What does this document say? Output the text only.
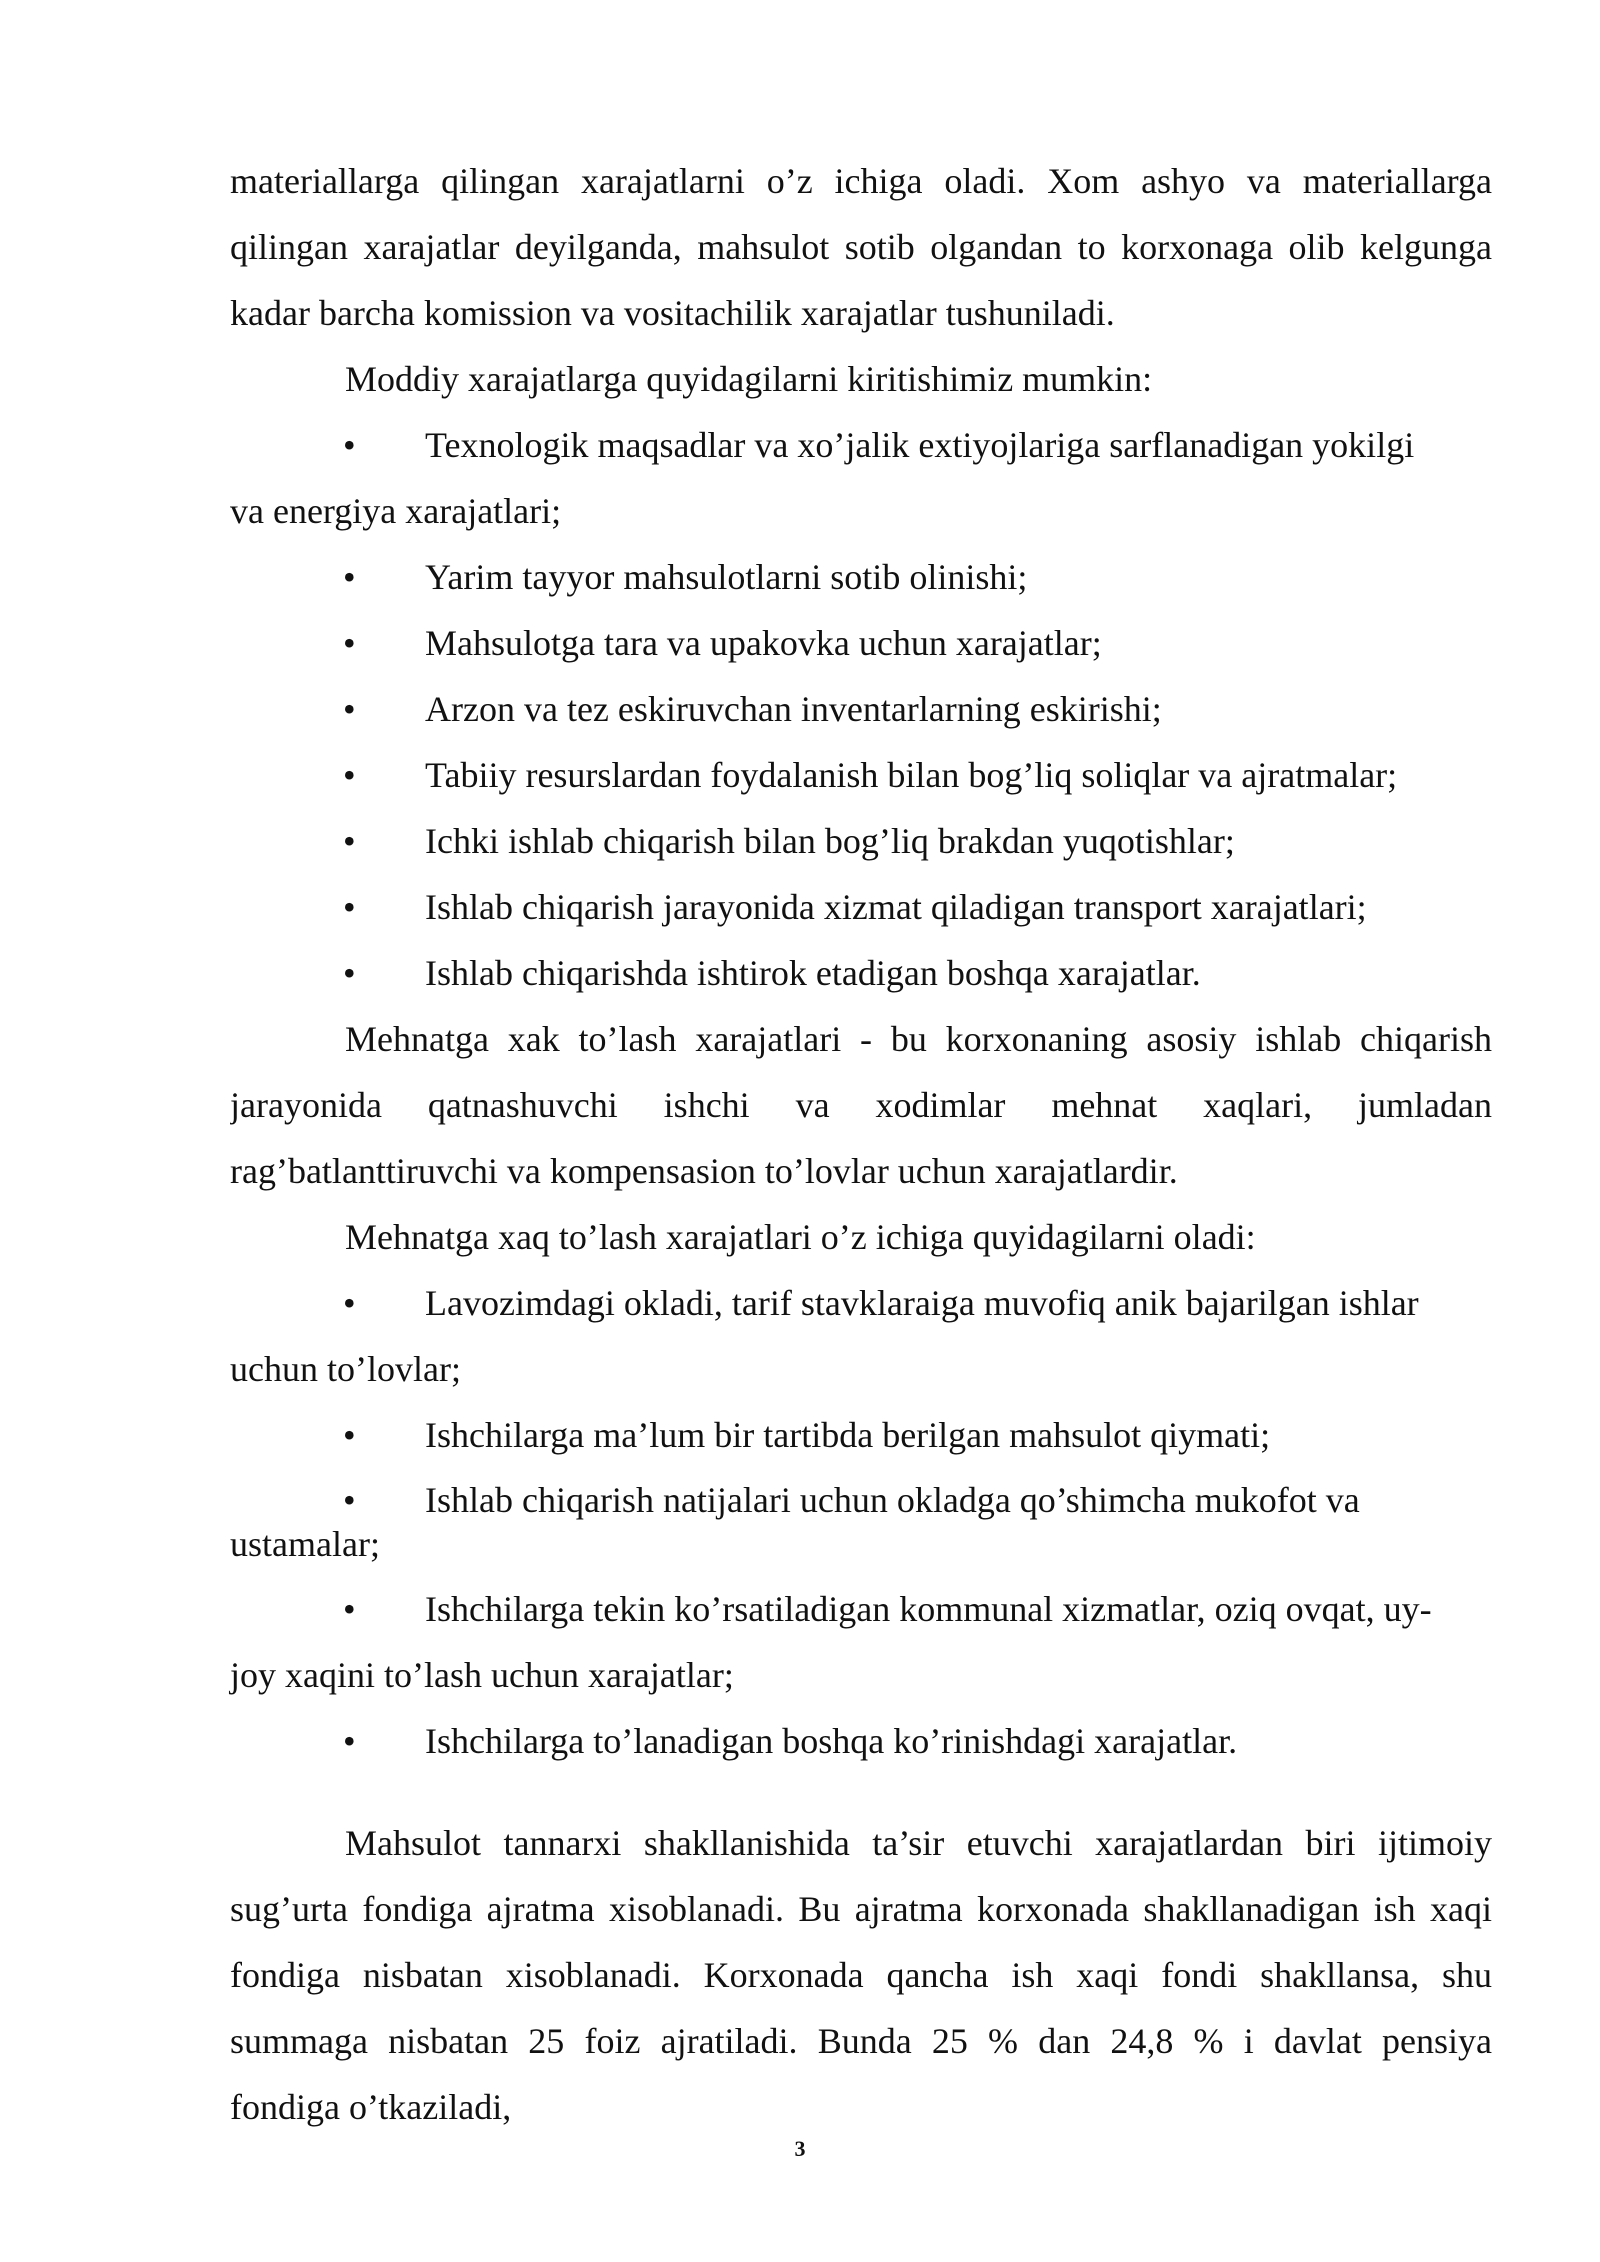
materiallarga qilingan xarajatlarni o’z ichiga oladi. Xom ashyo va materiallarga
qilingan xarajatlar deyilganda, mahsulot sotib olgandan to korxonaga olib kelgunga
kadar barcha komission va vositachilik xarajatlar tushuniladi.
Moddiy xarajatlarga quyidagilarni kiritishimiz mumkin:
• Texnologik maqsadlar va xo’jalik extiyojlariga sarflanadigan yokilgi
va energiya xarajatlari;
• Yarim tayyor mahsulotlarni sotib olinishi;
• Mahsulotga tara va upakovka uchun xarajatlar;
• Arzon va tez eskiruvchan inventarlarning eskirishi;
• Tabiiy resurslardan foydalanish bilan bog’liq soliqlar va ajratmalar;
• Ichki ishlab chiqarish bilan bog’liq brakdan yuqotishlar;
• Ishlab chiqarish jarayonida xizmat qiladigan transport xarajatlari;
• Ishlab chiqarishda ishtirok etadigan boshqa xarajatlar.
Mehnatga xak to’lash xarajatlari - bu korxonaning asosiy ishlab chiqarish
jarayonida qatnashuvchi ishchi va xodimlar mehnat xaqlari, jumladan
rag’batlanttiruvchi va kompensasion to’lovlar uchun xarajatlardir.
Mehnatga xaq to’lash xarajatlari o’z ichiga quyidagilarni oladi:
• Lavozimdagi okladi, tarif stavklaraiga muvofiq anik bajarilgan ishlar
uchun to’lovlar;
• Ishchilarga ma’lum bir tartibda berilgan mahsulot qiymati;
• Ishlab chiqarish natijalari uchun okladga qo’shimcha mukofot va
ustamalar;
• Ishchilarga tekin ko’rsatiladigan kommunal xizmatlar, oziq ovqat, uy-
joy xaqini to’lash uchun xarajatlar;
• Ishchilarga to’lanadigan boshqa ko’rinishdagi xarajatlar.
Mahsulot tannarxi shakllanishida ta’sir etuvchi xarajatlardan biri ijtimoiy
sug’urta fondiga ajratma xisoblanadi. Bu ajratma korxonada shakllanadigan ish xaqi
fondiga nisbatan xisoblanadi. Korxonada qancha ish xaqi fondi shakllansa, shu
summaga nisbatan 25 foiz ajratiladi. Bunda 25 % dan 24,8 % i davlat pensiya
fondiga o’tkaziladi,
3
